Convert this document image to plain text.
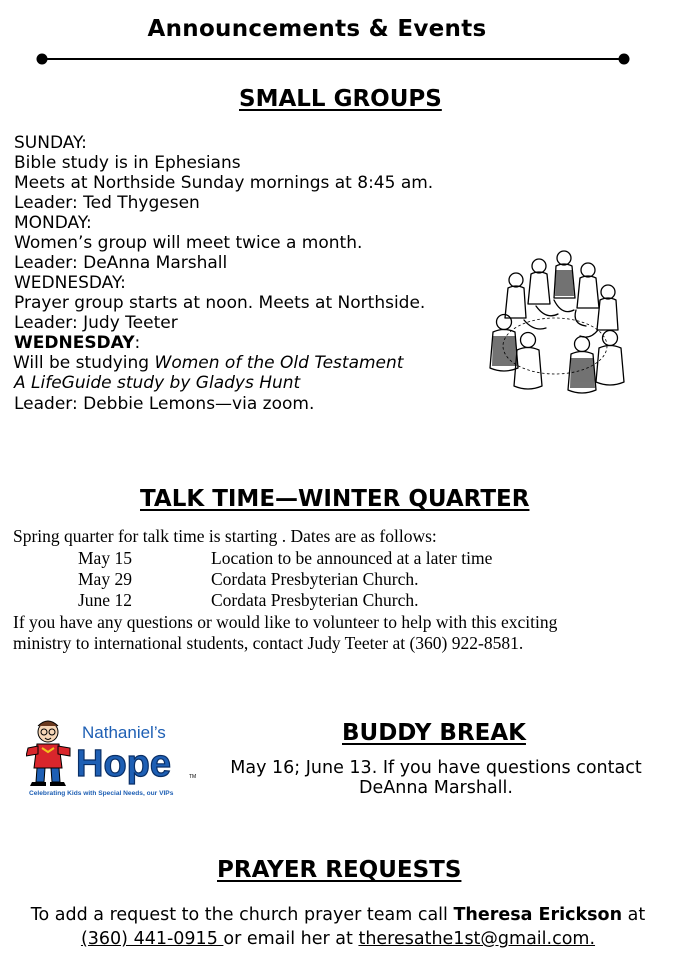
Announcements & Events
SMALL GROUPS
SUNDAY:
Bible study is in Ephesians
Meets at Northside Sunday mornings at 8:45 am.
Leader: Ted Thygesen
MONDAY:
Women’s group will meet twice a month.
Leader: DeAnna Marshall
WEDNESDAY:
Prayer group starts at noon. Meets at Northside.
Leader: Judy Teeter
WEDNESDAY:
Will be studying Women of the Old Testament
A LifeGuide study by Gladys Hunt
Leader: Debbie Lemons—via zoom.
TALK TIME—WINTER QUARTER
Spring quarter for talk time is starting . Dates are as follows:
May 15	Location to be announced at a later time
May 29	Cordata Presbyterian Church.
June 12	Cordata Presbyterian Church.
If you have any questions or would like to volunteer to help with this exciting
ministry to international students, contact Judy Teeter at (360) 922-8581.
Nathaniel’s
Hope	TM
Celebrating Kids with Special Needs, our VIPs
BUDDY BREAK
May 16; June 13. If you have questions contact
DeAnna Marshall.
PRAYER REQUESTS
To add a request to the church prayer team call Theresa Erickson at
(360) 441-0915 or email her at theresathe1st@gmail.com.
